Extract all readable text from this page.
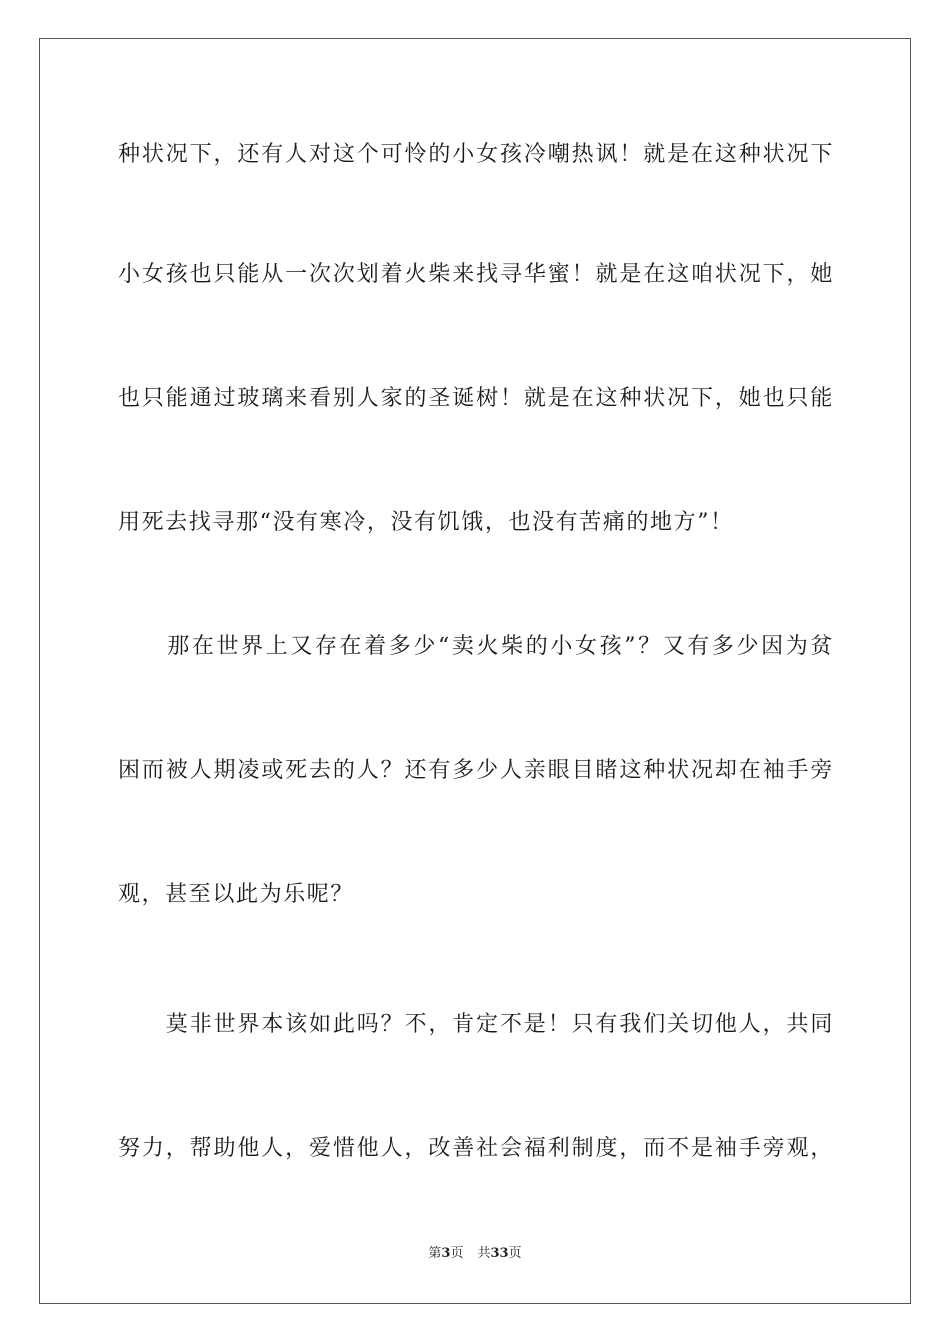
种状况下，还有人对这个可怜的小女孩冷嘲热讽！就是在这种状况下
小女孩也只能从一次次划着火柴来找寻华蜜！就是在这咱状况下，她
也只能通过玻璃来看别人家的圣诞树！就是在这种状况下，她也只能
用死去找寻那“没有寒冷，没有饥饿，也没有苦痛的地方”！
　　那在世界上又存在着多少“卖火柴的小女孩”？又有多少因为贫
困而被人期凌或死去的人？还有多少人亲眼目睹这种状况却在袖手旁
观，甚至以此为乐呢？
　　莫非世界本该如此吗？不，肯定不是！只有我们关切他人，共同
努力，帮助他人，爱惜他人，改善社会福利制度，而不是袖手旁观，
第3页 共33页
